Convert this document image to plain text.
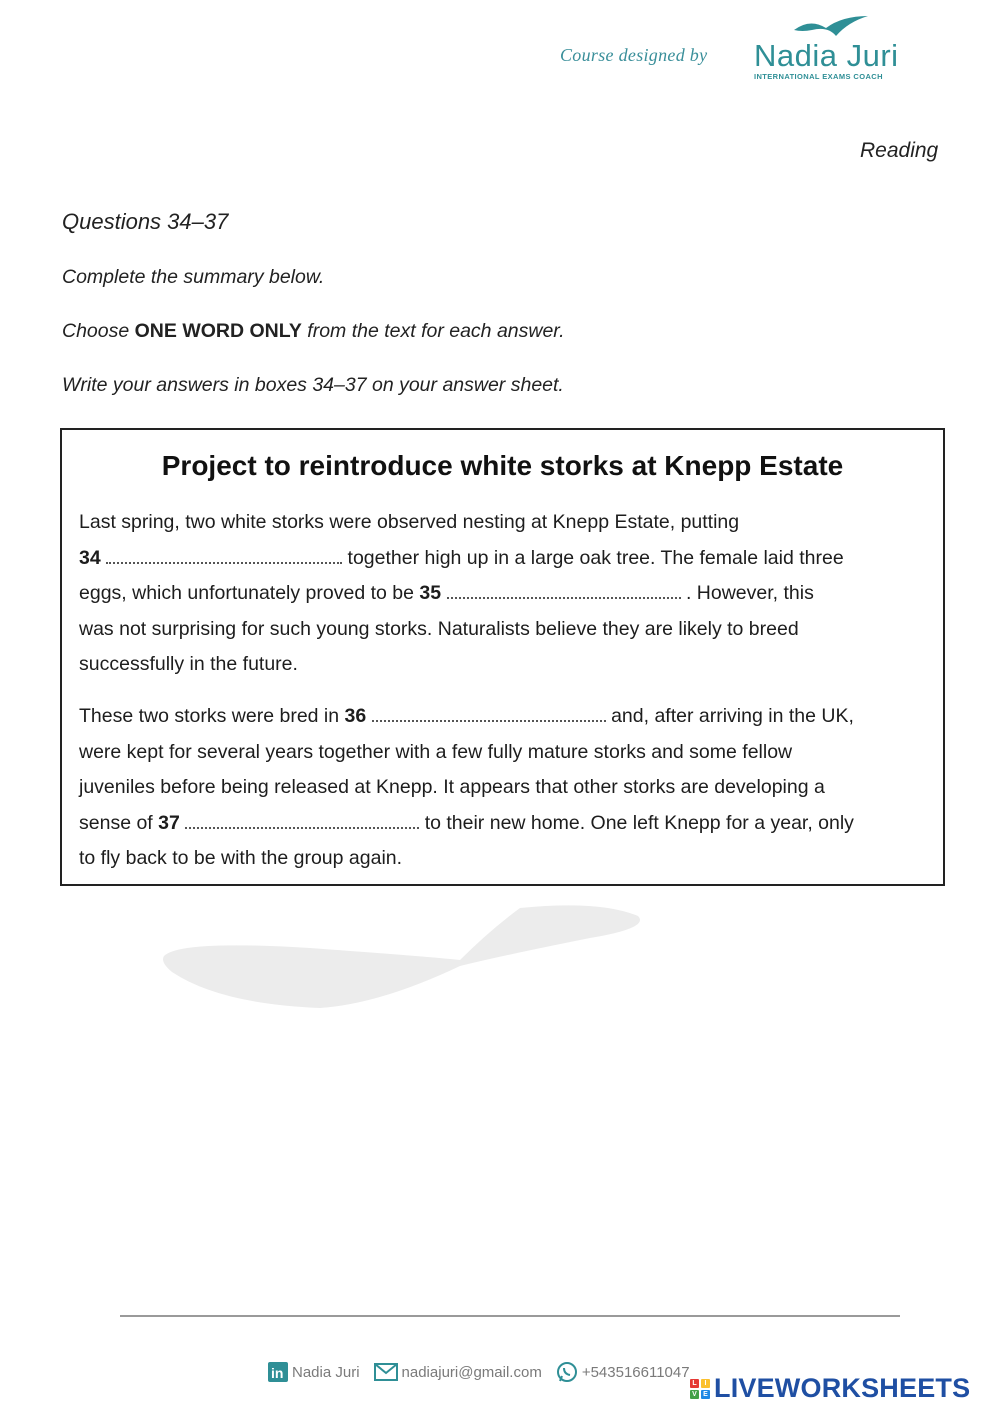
Course designed by Nadia Juri
INTERNATIONAL EXAMS COACH
Reading
Questions 34–37
Complete the summary below.
Choose ONE WORD ONLY from the text for each answer.
Write your answers in boxes 34–37 on your answer sheet.
Project to reintroduce white storks at Knepp Estate
Last spring, two white storks were observed nesting at Knepp Estate, putting
34	together high up in a large oak tree. The female laid three
eggs, which unfortunately proved to be 35	. However, this
was not surprising for such young storks. Naturalists believe they are likely to breed
successfully in the future.
These two storks were bred in 36	and, after arriving in the UK,
were kept for several years together with a few fully mature storks and some fellow
juveniles before being released at Knepp. It appears that other storks are developing a
sense of 37	to their new home. One left Knepp for a year, only
to fly back to be with the group again.
in Nadia Juri	nadiajuri@gmail.com	+543516611047
L	I
V E LIVEWORKSHEETS
